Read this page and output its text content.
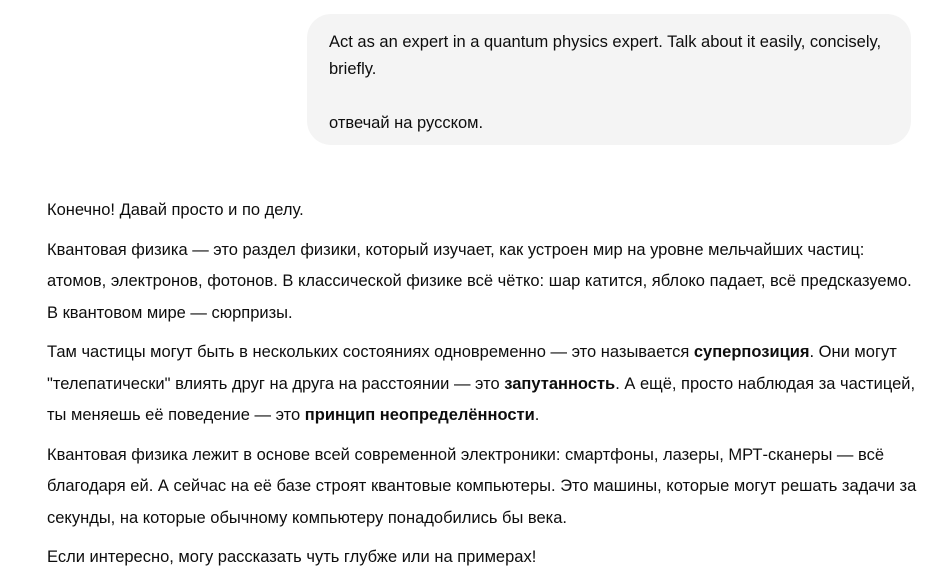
Act as an expert in a quantum physics expert. Talk about it easily, concisely, briefly.

отвечай на русском.

Конечно! Давай просто и по делу.

Квантовая физика — это раздел физики, который изучает, как устроен мир на уровне мельчайших частиц: атомов, электронов, фотонов. В классической физике всё чётко: шар катится, яблоко падает, всё предсказуемо. В квантовом мире — сюрпризы.

Там частицы могут быть в нескольких состояниях одновременно — это называется суперпозиция. Они могут "телепатически" влиять друг на друга на расстоянии — это запутанность. А ещё, просто наблюдая за частицей, ты меняешь её поведение — это принцип неопределённости.

Квантовая физика лежит в основе всей современной электроники: смартфоны, лазеры, МРТ-сканеры — всё благодаря ей. А сейчас на её базе строят квантовые компьютеры. Это машины, которые могут решать задачи за секунды, на которые обычному компьютеру понадобились бы века.

Если интересно, могу рассказать чуть глубже или на примерах!
